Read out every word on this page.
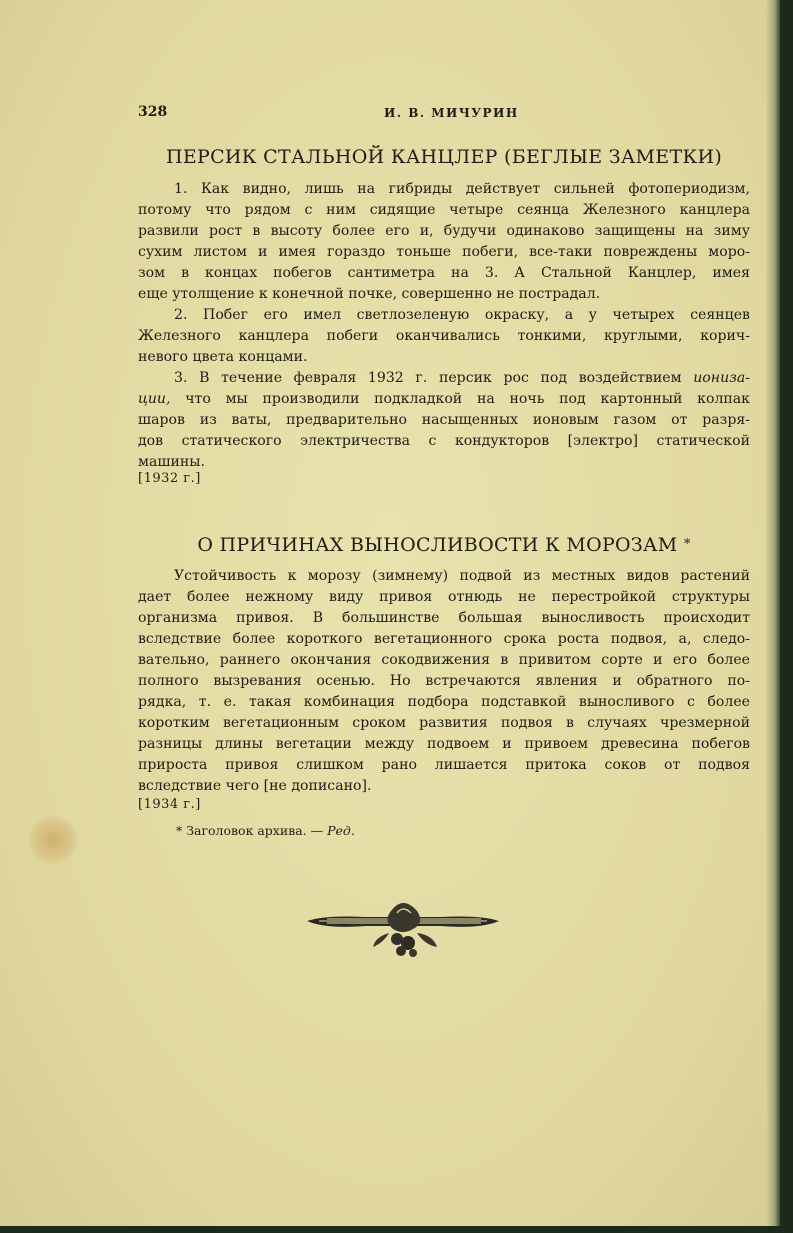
328	И. В. МИЧУРИН
ПЕРСИК СТАЛЬНОЙ КАНЦЛЕР (БЕГЛЫЕ ЗАМЕТКИ)
1. Как видно, лишь на гибриды действует сильней фотопериодизм,
потому что рядом с ним сидящие четыре сеянца Железного канцлера
развили рост в высоту более его и, будучи одинаково защищены на зиму
сухим листом и имея гораздо тоньше побеги, все-таки повреждены моро-
зом в концах побегов сантиметра на 3. А Стальной Канцлер, имея
еще утолщение к конечной почке, совершенно не пострадал.
2. Побег его имел светлозеленую окраску, а у четырех сеянцев
Железного канцлера побеги оканчивались тонкими, круглыми, корич-
невого цвета концами.
3. В течение февраля 1932 г. персик рос под воздействием иониза-
ции, что мы производили подкладкой на ночь под картонный колпак
шаров из ваты, предварительно насыщенных ионовым газом от разря-
дов статического электричества с кондукторов [электро] статической
машины.
[1932 г.]
О ПРИЧИНАХ ВЫНОСЛИВОСТИ К МОРОЗАМ *
Устойчивость к морозу (зимнему) подвой из местных видов растений
дает более нежному виду привоя отнюдь не перестройкой структуры
организма привоя. В большинстве большая выносливость происходит
вследствие более короткого вегетационного срока роста подвоя, а, следо-
вательно, раннего окончания сокодвижения в привитом сорте и его более
полного вызревания осенью. Но встречаются явления и обратного по-
рядка, т. е. такая комбинация подбора подставкой выносливого с более
коротким вегетационным сроком развития подвоя в случаях чрезмерной
разницы длины вегетации между подвоем и привоем древесина побегов
прироста привоя слишком рано лишается притока соков от подвоя
вследствие чего [не дописано].
[1934 г.]
* Заголовок архива. — Ред.
